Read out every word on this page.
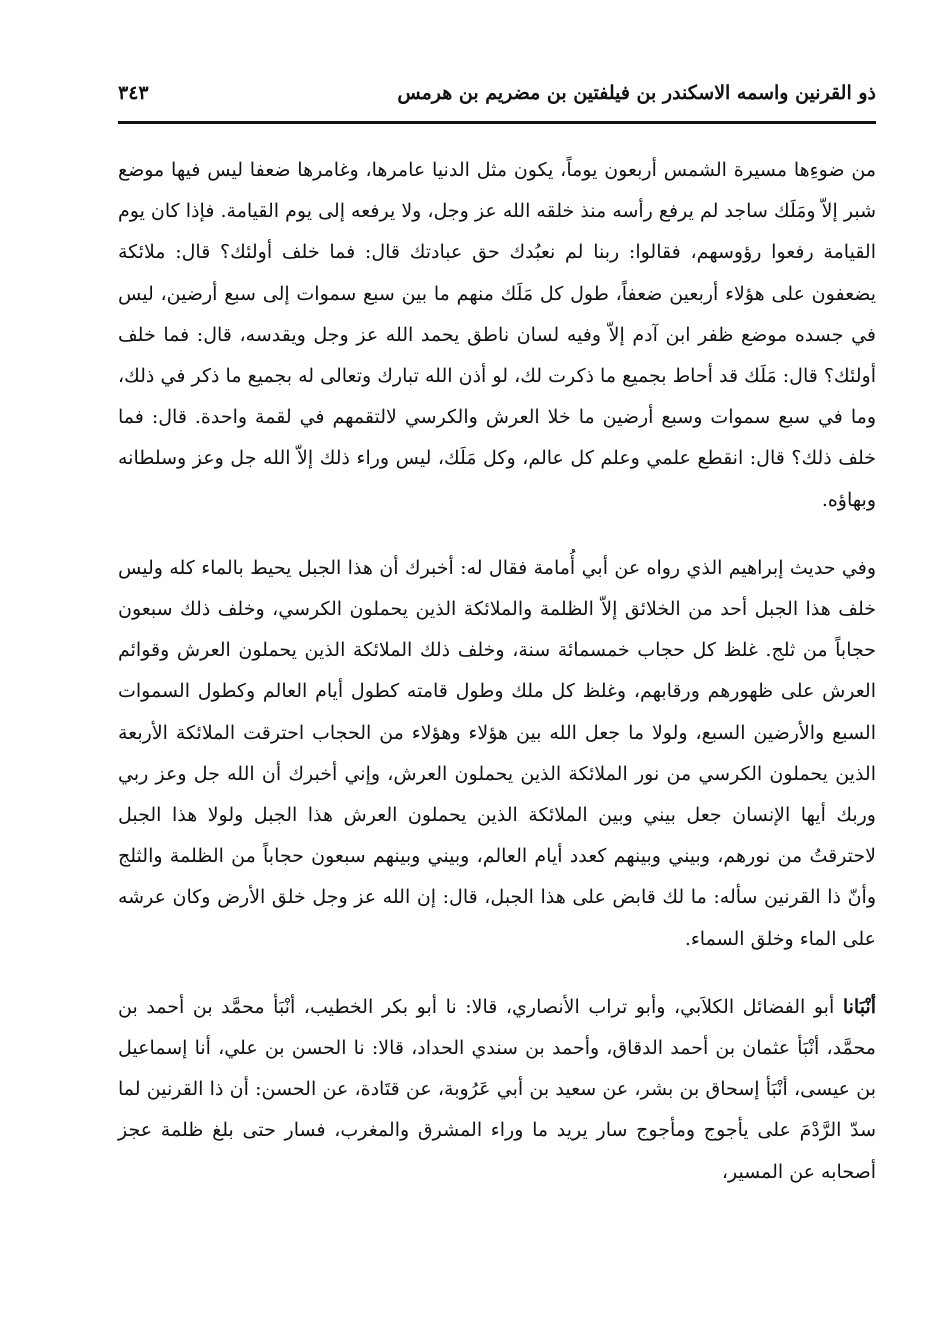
ذو القرنين واسمه الاسكندر بن فيلفتين بن مضريم بن هرمس
٣٤٣

من ضوءِها مسيرة الشمس أربعون يوماً، يكون مثل الدنيا عامرها، وغامرها ضعفا ليس فيها موضع شبر إلاّ ومَلَك ساجد لم يرفع رأسه منذ خلقه الله عز وجل، ولا يرفعه إلى يوم القيامة. فإذا كان يوم القيامة رفعوا رؤوسهم، فقالوا: ربنا لم نعبُدك حق عبادتك قال: فما خلف أولئك؟ قال: ملائكة يضعفون على هؤلاء أربعين ضعفاً، طول كل مَلَك منهم ما بين سبع سموات إلى سبع أرضين، ليس في جسده موضع ظفر ابن آدم إلاّ وفيه لسان ناطق يحمد الله عز وجل ويقدسه، قال: فما خلف أولئك؟ قال: مَلَك قد أحاط بجميع ما ذكرت لك، لو أذن الله تبارك وتعالى له بجميع ما ذكر في ذلك، وما في سبع سموات وسبع أرضين ما خلا العرش والكرسي لالتقمهم في لقمة واحدة. قال: فما خلف ذلك؟ قال: انقطع علمي وعلم كل عالم، وكل مَلَك، ليس وراء ذلك إلاّ الله جل وعز وسلطانه وبهاؤه.

وفي حديث إبراهيم الذي رواه عن أبي أُمامة فقال له: أخبرك أن هذا الجبل يحيط بالماء كله وليس خلف هذا الجبل أحد من الخلائق إلاّ الظلمة والملائكة الذين يحملون الكرسي، وخلف ذلك سبعون حجاباً من ثلج. غلظ كل حجاب خمسمائة سنة، وخلف ذلك الملائكة الذين يحملون العرش وقوائم العرش على ظهورهم ورقابهم، وغلظ كل ملك وطول قامته كطول أيام العالم وكطول السموات السبع والأرضين السبع، ولولا ما جعل الله بين هؤلاء وهؤلاء من الحجاب احترقت الملائكة الأربعة الذين يحملون الكرسي من نور الملائكة الذين يحملون العرش، وإني أخبرك أن الله جل وعز ربي وربك أيها الإنسان جعل بيني وبين الملائكة الذين يحملون العرش هذا الجبل ولولا هذا الجبل لاحترقتُ من نورهم، وبيني وبينهم كعدد أيام العالم، وبيني وبينهم سبعون حجاباً من الظلمة والثلج وأنّ ذا القرنين سأله: ما لك قابض على هذا الجبل، قال: إن الله عز وجل خلق الأرض وكان عرشه على الماء وخلق السماء.

أنْبَانا أبو الفضائل الكلاَبي، وأبو تراب الأنصاري، قالا: نا أبو بكر الخطيب، أنْبَأ محمَّد بن أحمد بن محمَّد، أنْبَأ عثمان بن أحمد الدقاق، وأحمد بن سندي الحداد، قالا: نا الحسن بن علي، أنا إسماعيل بن عيسى، أنْبَأ إسحاق بن بشر، عن سعيد بن أبي عَرُوبة، عن قتَادة، عن الحسن: أن ذا القرنين لما سدّ الرَّدْمَ على يأجوج ومأجوج سار يريد ما وراء المشرق والمغرب، فسار حتى بلغ ظلمة عجز أصحابه عن المسير،
